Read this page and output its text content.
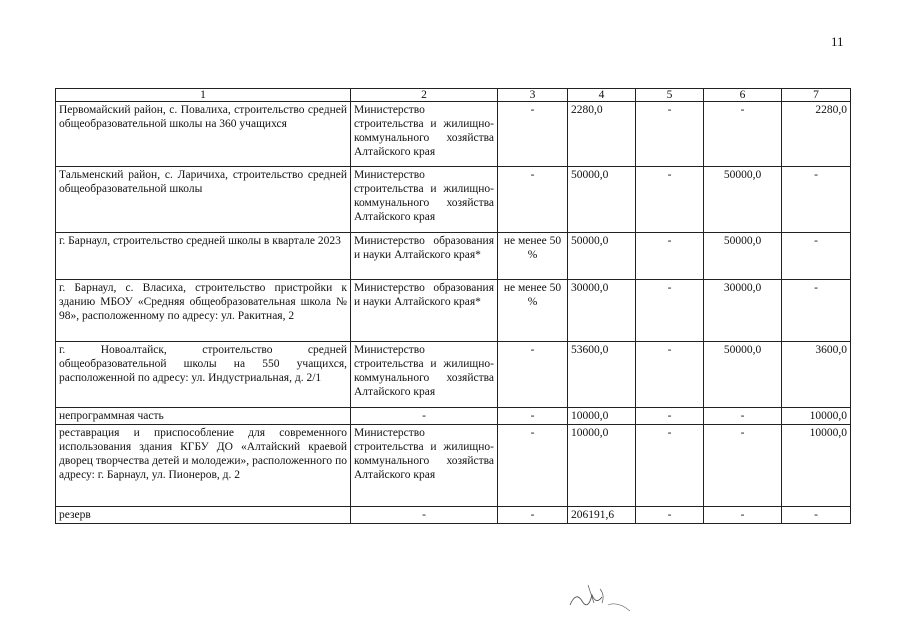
11
1	2	3	4	5	6	7
Первомайский район, с. Повалиха, строительство средней общеобразовательной школы на 360 учащихся	Министерство строительства и жилищно-коммунального хозяйства Алтайского края	-	2280,0	-	-	2280,0
Тальменский район, с. Ларичиха, строительство средней общеобразовательной школы	Министерство строительства и жилищно-коммунального хозяйства Алтайского края	-	50000,0	-	50000,0	-
г. Барнаул, строительство средней школы в квартале 2023	Министерство образования и науки Алтайского края*	не менее 50 %	50000,0	-	50000,0	-
г. Барнаул, с. Власиха, строительство пристройки к зданию МБОУ «Средняя общеобразовательная школа № 98», расположенному по адресу: ул. Ракитная, 2	Министерство образования и науки Алтайского края*	не менее 50 %	30000,0	-	30000,0	-
г. Новоалтайск, строительство средней общеобразовательной школы на 550 учащихся, расположенной по адресу: ул. Индустриальная, д. 2/1	Министерство строительства и жилищно-коммунального хозяйства Алтайского края	-	53600,0	-	50000,0	3600,0
непрограммная часть	-	-	10000,0	-	-	10000,0
реставрация и приспособление для современного использования здания КГБУ ДО «Алтайский краевой дворец творчества детей и молодежи», расположенного по адресу: г. Барнаул, ул. Пионеров, д. 2	Министерство строительства и жилищно-коммунального хозяйства Алтайского края	-	10000,0	-	-	10000,0
резерв	-	-	206191,6	-	-	-
